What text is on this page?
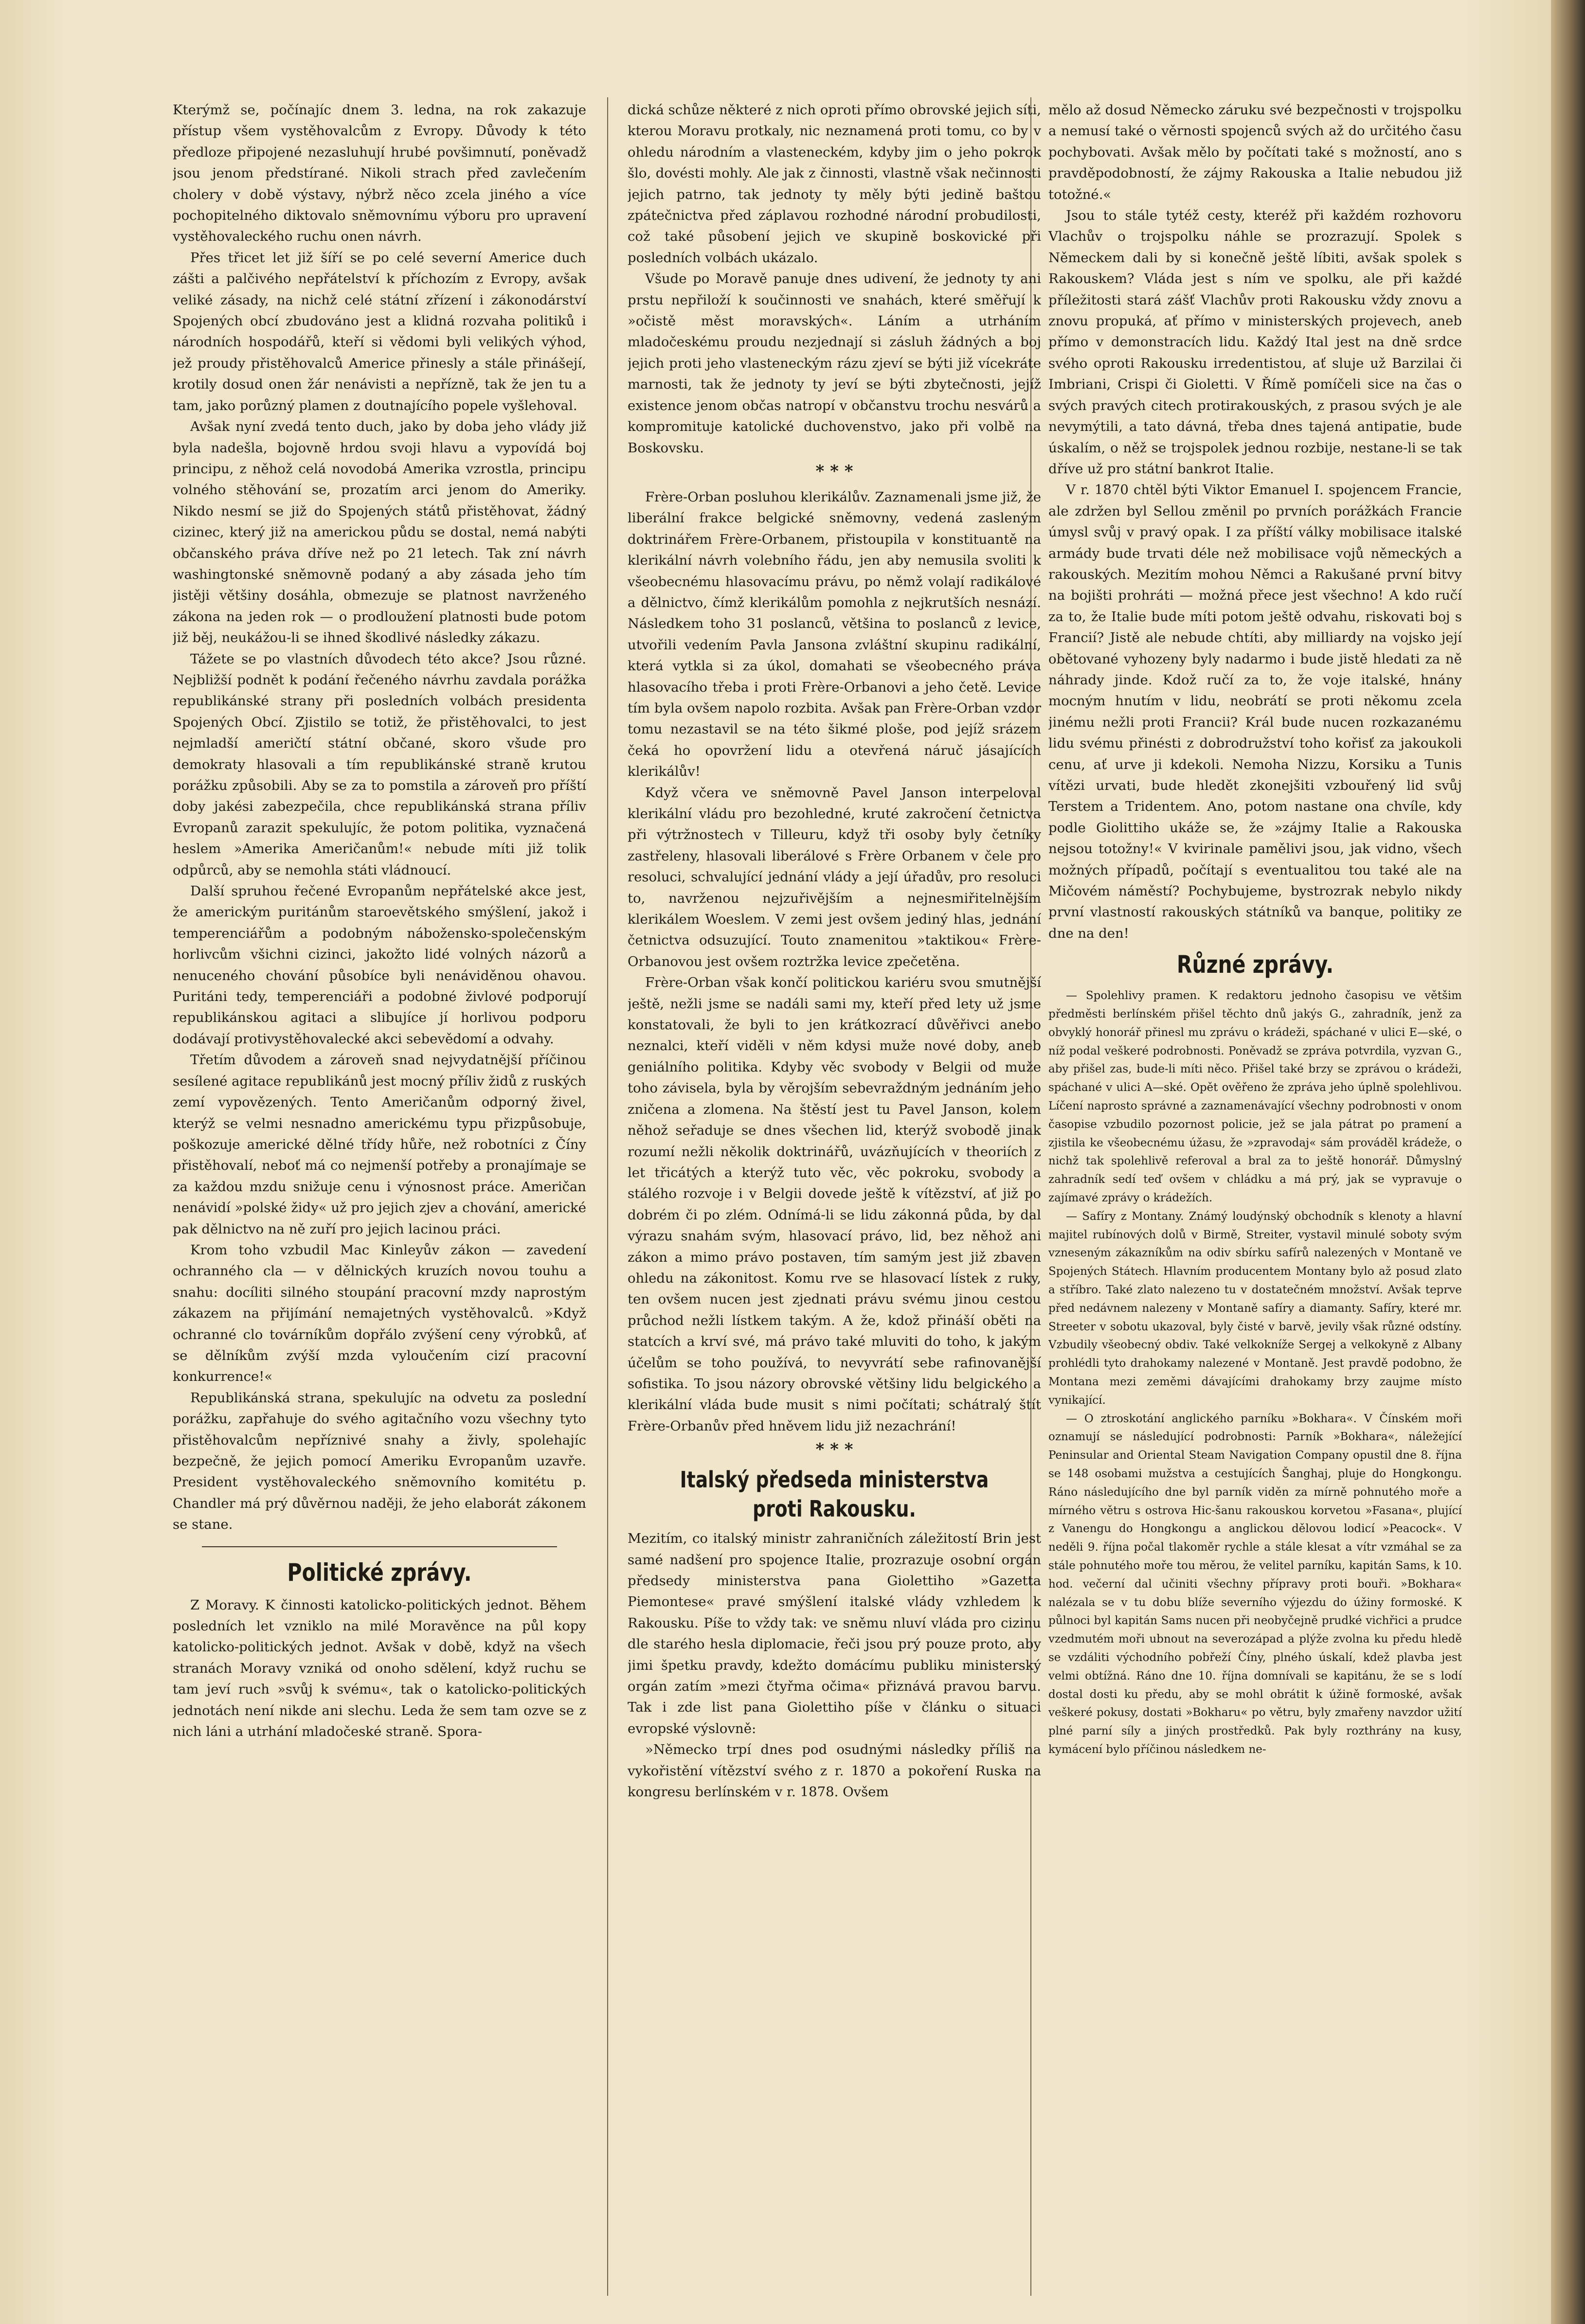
Kterýmž se, počínajíc dnem 3. ledna, na rok zakazuje přístup všem vystěhovalcům z Evropy. Důvody k této předloze připojené nezasluhují hrubé povšimnutí, poněvadž jsou jenom předstírané. Nikoli strach před zavlečením cholery v době výstavy, nýbrž něco zcela jiného a více pochopitelného diktovalo sněmovnímu výboru pro upravení vystěhovaleckého ruchu onen návrh.

Přes třicet let již šíří se po celé severní Americe duch zášti a palčivého nepřátelství k příchozím z Evropy, avšak veliké zásady, na nichž celé státní zřízení i zákonodárství Spojených obcí zbudováno jest a klidná rozvaha politiků i národních hospodářů, kteří si vědomi byli velikých výhod, jež proudy přistěhovalců Americe přinesly a stále přinášejí, krotily dosud onen žár nenávisti a nepřízně, tak že jen tu a tam, jako porůzný plamen z doutnajícího popele vyšlehoval.

Avšak nyní zvedá tento duch, jako by doba jeho vlády již byla nadešla, bojovně hrdou svoji hlavu a vypovídá boj principu, z něhož celá novodobá Amerika vzrostla, principu volného stěhování se, prozatím arci jenom do Ameriky. Nikdo nesmí se již do Spojených států přistěhovat, žádný cizinec, který již na americkou půdu se dostal, nemá nabýti občanského práva dříve než po 21 letech. Tak zní návrh washingtonské sněmovně podaný a aby zásada jeho tím jistěji většiny dosáhla, obmezuje se platnost navrženého zákona na jeden rok — o prodloužení platnosti bude potom již běj, neukážou-li se ihned škodlivé následky zákazu.

Tážete se po vlastních důvodech této akce? Jsou různé. Nejbližší podnět k podání řečeného návrhu zavdala porážka republikánské strany při posledních volbách presidenta Spojených Obcí. Zjistilo se totiž, že přistěhovalci, to jest nejmladší američtí státní občané, skoro všude pro demokraty hlasovali a tím republikánské straně krutou porážku způsobili. Aby se za to pomstila a zároveň pro příští doby jakési zabezpečila, chce republikánská strana příliv Evropanů zarazit spekulujíc, že potom politika, vyznačená heslem »Amerika Američanům!« nebude míti již tolik odpůrců, aby se nemohla státi vládnoucí.

Další spruhou řečené Evropanům nepřátelské akce jest, že americkým puritánům staroevětského smýšlení, jakož i temperenciářům a podobným nábožensko-společenským horlivcům všichni cizinci, jakožto lidé volných názorů a nenuceného chování působíce byli nenáviděnou ohavou. Puritáni tedy, temperenciáři a podobné živlové podporují republikánskou agitaci a slibujíce jí horlivou podporu dodávají protivystěhovalecké akci sebevědomí a odvahy.

Třetím důvodem a zároveň snad nejvydatnější příčinou sesílené agitace republikánů jest mocný příliv židů z ruských zemí vypovězených. Tento Američanům odporný živel, kterýž se velmi nesnadno americkému typu přizpůsobuje, poškozuje americké dělné třídy hůře, než robotníci z Číny přistěhovalí, neboť má co nejmenší potřeby a pronajímaje se za každou mzdu snižuje cenu i výnosnost práce. Američan nenávidí »polské židy« už pro jejich zjev a chování, americké pak dělnictvo na ně zuří pro jejich lacinou práci.

Krom toho vzbudil Mac Kinleyův zákon — zavedení ochranného cla — v dělnických kruzích novou touhu a snahu: docíliti silného stoupání pracovní mzdy naprostým zákazem na přijímání nemajetných vystěhovalců. »Když ochranné clo továrníkům dopřálo zvýšení ceny výrobků, ať se dělníkům zvýší mzda vyloučením cizí pracovní konkurrence!«

Republikánská strana, spekulujíc na odvetu za poslední porážku, zapřahuje do svého agitačního vozu všechny tyto přistěhovalcům nepříznivé snahy a živly, spolehajíc bezpečně, že jejich pomocí Ameriku Evropanům uzavře. President vystěhovaleckého sněmovního komitétu p. Chandler má prý důvěrnou naději, že jeho elaborát zákonem se stane.

Politické zprávy.

Z Moravy. K činnosti katolicko-politických jednot. Během posledních let vzniklo na milé Moravěnce na půl kopy katolicko-politických jednot. Avšak v době, když na všech stranách Moravy vzniká od onoho sdělení, když ruchu se tam jeví ruch »svůj k svému«, tak o katolicko-politických jednotách není nikde ani slechu. Leda že sem tam ozve se z nich láni a utrhání mladočeské straně. Spora-

dická schůze některé z nich oproti přímo obrovské jejich síti, kterou Moravu protkaly, nic neznamená proti tomu, co by v ohledu národním a vlasteneckém, kdyby jim o jeho pokrok šlo, dovésti mohly. Ale jak z činnosti, vlastně však nečinnosti jejich patrno, tak jednoty ty měly býti jedině baštou zpátečnictva před záplavou rozhodné národní probudilosti, což také působení jejich ve skupině boskovické při posledních volbách ukázalo.

Všude po Moravě panuje dnes udivení, že jednoty ty ani prstu nepřiloží k součinnosti ve snahách, které směřují k »očistě měst moravských«. Láním a utrháním mladočeskému proudu nezjednají si zásluh žádných a boj jejich proti jeho vlasteneckým rázu zjeví se býti již vícekráte marnosti, tak že jednoty ty jeví se býti zbytečnosti, jejíž existence jenom občas natropí v občanstvu trochu nesvárů a kompromituje katolické duchovenstvo, jako při volbě na Boskovsku.

* * *

Frère-Orban posluhou klerikálův. Zaznamenali jsme již, že liberální frakce belgické sněmovny, vedená zasleným doktrinářem Frère-Orbanem, přistoupila v konstituantě na klerikální návrh volebního řádu, jen aby nemusila svoliti k všeobecnému hlasovacímu právu, po němž volají radikálové a dělnictvo, čímž klerikálům pomohla z nejkrutších nesnází. Následkem toho 31 poslanců, většina to poslanců z levice, utvořili vedením Pavla Jansona zvláštní skupinu radikální, která vytkla si za úkol, domahati se všeobecného práva hlasovacího třeba i proti Frère-Orbanovi a jeho četě. Levice tím byla ovšem napolo rozbita. Avšak pan Frère-Orban vzdor tomu nezastavil se na této šikmé ploše, pod jejíž srázem čeká ho opovržení lidu a otevřená náruč jásajících klerikálův!

Když včera ve sněmovně Pavel Janson interpeloval klerikální vládu pro bezohledné, kruté zakročení četnictva při výtržnostech v Tilleuru, když tři osoby byly četníky zastřeleny, hlasovali liberálové s Frère Orbanem v čele pro resoluci, schvalující jednání vlády a její úřadův, pro resoluci to, navrženou nejzuřivějším a nejnesmiřitelnějším klerikálem Woeslem. V zemi jest ovšem jediný hlas, jednání četnictva odsuzující. Touto znamenitou »taktikou« Frère-Orbanovou jest ovšem roztržka levice zpečetěna.

Frère-Orban však končí politickou kariéru svou smutnější ještě, nežli jsme se nadáli sami my, kteří před lety už jsme konstatovali, že byli to jen krátkozrací důvěřivci anebo neznalci, kteří viděli v něm kdysi muže nové doby, aneb geniálního politika. Kdyby věc svobody v Belgii od muže toho závisela, byla by věrojším sebevraždným jednáním jeho zničena a zlomena. Na štěstí jest tu Pavel Janson, kolem něhož seřaduje se dnes všechen lid, kterýž svobodě jinak rozumí nežli několik doktrinářů, uvázňujících v theoriích z let třicátých a kterýž tuto věc, věc pokroku, svobody a stálého rozvoje i v Belgii dovede ještě k vítězství, ať již po dobrém či po zlém. Odnímá-li se lidu zákonná půda, by dal výrazu snahám svým, hlasovací právo, lid, bez něhož ani zákon a mimo právo postaven, tím samým jest již zbaven ohledu na zákonitost. Komu rve se hlasovací lístek z ruky, ten ovšem nucen jest zjednati právu svému jinou cestou průchod nežli lístkem takým. A že, kdož přináší oběti na statcích a krví své, má právo také mluviti do toho, k jakým účelům se toho používá, to nevyvrátí sebe rafinovanější sofistika. To jsou názory obrovské většiny lidu belgického a klerikální vláda bude musit s nimi počítati; schátralý štít Frère-Orbanův před hněvem lidu již nezachrání!

* * *
Italský předseda ministerstva proti Rakousku.

Mezitím, co italský ministr zahraničních záležitostí Brin jest samé nadšení pro spojence Italie, prozrazuje osobní orgán předsedy ministerstva pana Giolettiho »Gazetta Piemontese« pravé smýšlení italské vlády vzhledem k Rakousku. Píše to vždy tak: ve sněmu nluví vláda pro cizinu dle starého hesla diplomacie, řeči jsou prý pouze proto, aby jimi špetku pravdy, kdežto domácímu publiku ministerský orgán zatím »mezi čtyřma očima« přiznává pravou barvu. Tak i zde list pana Giolettiho píše v článku o situaci evropské výslovně:

»Německo trpí dnes pod osudnými následky příliš na vykořistění vítězství svého z r. 1870 a pokoření Ruska na kongresu berlínském v r. 1878. Ovšem

mělo až dosud Německo záruku své bezpečnosti v trojspolku a nemusí také o věrnosti spojenců svých až do určitého času pochybovati. Avšak mělo by počítati také s možností, ano s pravděpodobností, že zájmy Rakouska a Italie nebudou již totožné.«

Jsou to stále tytéž cesty, kteréž při každém rozhovoru Vlachův o trojspolku náhle se prozrazují. Spolek s Německem dali by si konečně ještě líbiti, avšak spolek s Rakouskem? Vláda jest s ním ve spolku, ale při každé příležitosti stará zášť Vlachův proti Rakousku vždy znovu a znovu propuká, ať přímo v ministerských projevech, aneb přímo v demonstracích lidu. Každý Ital jest na dně srdce svého oproti Rakousku irredentistou, ať sluje už Barzilai či Imbriani, Crispi či Gioletti. V Římě pomíčeli sice na čas o svých pravých citech protirakouských, z prasou svých je ale nevymýtili, a tato dávná, třeba dnes tajená antipatie, bude úskalím, o něž se trojspolek jednou rozbije, nestane-li se tak dříve už pro státní bankrot Italie.

V r. 1870 chtěl býti Viktor Emanuel I. spojencem Francie, ale zdržen byl Sellou změnil po prvních porážkách Francie úmysl svůj v pravý opak. I za příští války mobilisace italské armády bude trvati déle než mobilisace vojů německých a rakouských. Mezitím mohou Němci a Rakušané první bitvy na bojišti prohráti — možná přece jest všechno! A kdo ručí za to, že Italie bude míti potom ještě odvahu, riskovati boj s Francií? Jistě ale nebude chtíti, aby milliardy na vojsko její obětované vyhozeny byly nadarmo i bude jistě hledati za ně náhrady jinde. Kdož ručí za to, že voje italské, hnány mocným hnutím v lidu, neobrátí se proti někomu zcela jinému nežli proti Francii? Král bude nucen rozkazanému lidu svému přinésti z dobrodružství toho kořisť za jakoukoli cenu, ať urve ji kdekoli. Nemoha Nizzu, Korsiku a Tunis vítězi urvati, bude hledět zkonejšiti vzbouřený lid svůj Terstem a Tridentem. Ano, potom nastane ona chvíle, kdy podle Giolittiho ukáže se, že »zájmy Italie a Rakouska nejsou totožny!« V kvirinale pamělivi jsou, jak vidno, všech možných případů, počítají s eventualitou tou také ale na Mičovém náměstí? Pochybujeme, bystrozrak nebylo nikdy první vlastností rakouských státníků va banque, politiky ze dne na den!

Různé zprávy.

— Spolehlivy pramen. K redaktoru jednoho časopisu ve většim předměsti berlínském přišel těchto dnů jakýs G., zahradník, jenž za obvyklý honorář přinesl mu zprávu o krádeži, spáchané v ulici E—ské, o níž podal veškeré podrobnosti. Poněvadž se zpráva potvrdila, vyzvan G., aby přišel zas, bude-li míti něco. Přišel také brzy se zprávou o krádeži, spáchané v ulici A—ské. Opět ověřeno že zpráva jeho úplně spolehlivou. Líčení naprosto správné a zaznamenávající všechny podrobnosti v onom časopise vzbudilo pozornost policie, jež se jala pátrat po pramení a zjistila ke všeobecnému úžasu, že »zpravodaj« sám prováděl krádeže, o nichž tak spolehlivě referoval a bral za to ještě honorář. Důmyslný zahradník sedí teď ovšem v chládku a má prý, jak se vypravuje o zajímavé zprávy o krádežích.

— Safíry z Montany. Známý loudýnský obchodník s klenoty a hlavní majitel rubínových dolů v Birmě, Streiter, vystavil minulé soboty svým vzneseným zákazníkům na odiv sbírku safírů nalezených v Montaně ve Spojených Státech. Hlavním producentem Montany bylo až posud zlato a stříbro. Také zlato nalezeno tu v dostatečném množství. Avšak teprve před nedávnem nalezeny v Montaně safíry a diamanty. Safíry, které mr. Streeter v sobotu ukazoval, byly čisté v barvě, jevily však různé odstíny. Vzbudily všeobecný obdiv. Také velkoknížе Sergej a velkokyně z Albany prohlédli tyto drahokamy nalezené v Montaně. Jest pravdě podobno, že Montana mezi zeměmi dávajícími drahokamy brzy zaujme místo vynikající.

— O ztroskotání anglického parníku »Bokhara«. V Čínském moři oznamují se následující podrobnosti: Parník »Bokhara«, náležející Peninsular and Oriental Steam Navigation Company opustil dne 8. října se 148 osobami mužstva a cestujících Šanghaj, plujе do Hongkongu. Ráno následujícího dne byl parník viděn za mírně pohnutého moře a mírného větru s ostrova Hic-šanu rakouskou korvetou »Fasana«, plující z Vanengu do Hongkongu a anglickou dělovou lodicí »Peacock«. V neděli 9. října počal tlakoměr rychle a stále klesat a vítr vzmáhal se za stále pohnutého moře tou měrou, že velitel parníku, kapitán Sams, k 10. hod. večerní dal učiniti všechny přípravy proti bouři. »Bokhara« nalézala se v tu dobu blíže severního výjezdu do úžiny formoské. K půlnoci byl kapitán Sams nucen při neobyčejně prudké vichřici a prudce vzedmutém moři ubnout na severozápad a plýže zvolna ku předu hledě se vzdáliti východního pobřeží Číny, plného úskalí, kdež plavba jest velmi obtížná. Ráno dne 10. října domnívali se kapitánu, že se s lodí dostal dosti ku předu, aby se mohl obrátit k úžině formoské, avšak veškeré pokusy, dostati »Bokharu« po větru, byly zmařeny navzdor užití plné parní síly a jiných prostředků. Pak byly rozthrány na kusy, kymácení bylo příčinou následkem ne-
